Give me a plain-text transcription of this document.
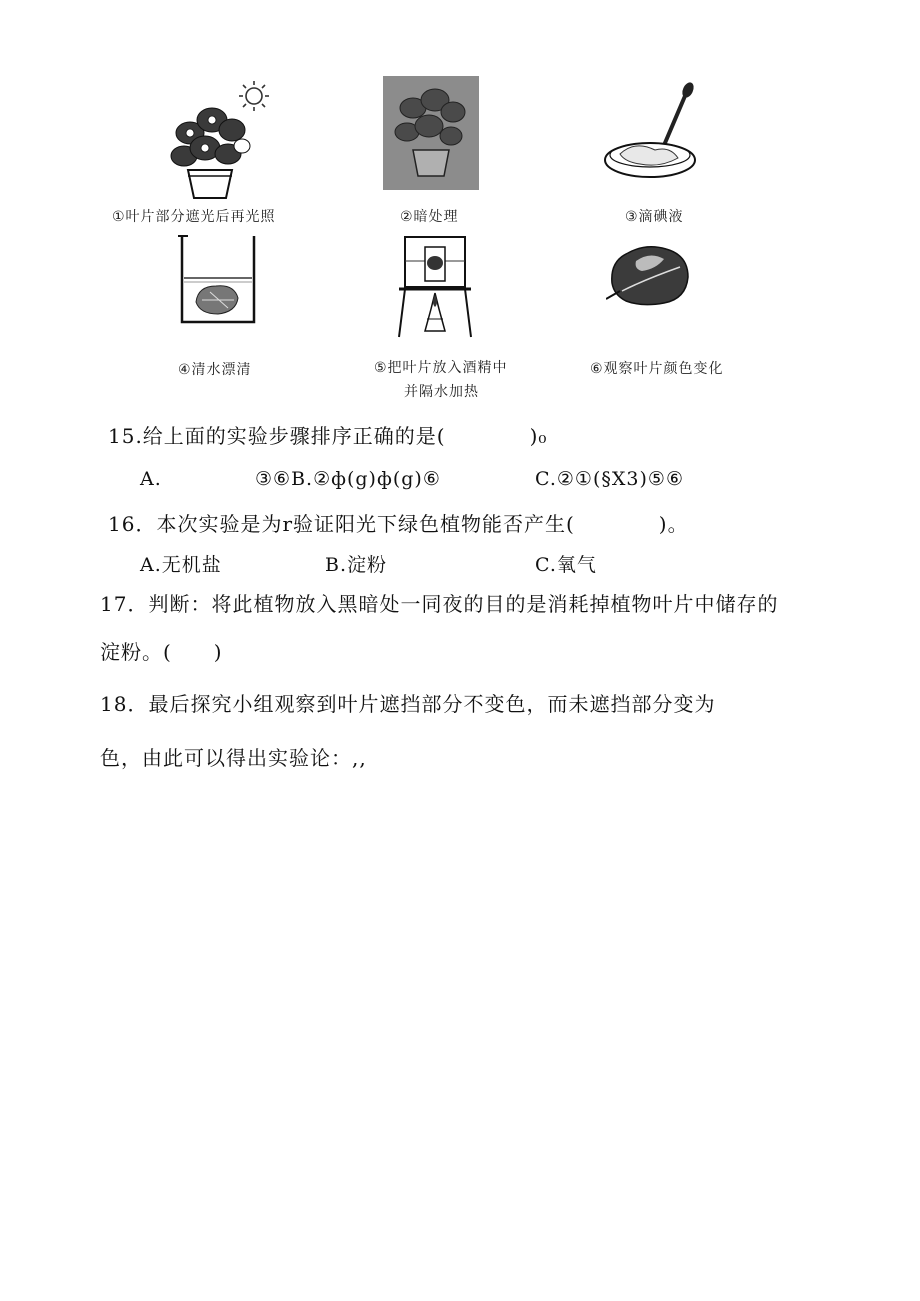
①叶片部分遮光后再光照	②暗处理	③滴碘液
④清水漂清	⑤把叶片放入酒精中
并隔水加热
⑥观察叶片颜色变化
15.给上面的实验步骤排序正确的是(　　　　)₀
A.	③⑥B.②ф(g)ф(g)⑥	C.②①(§X3)⑤⑥
16．本次实验是为r验证阳光下绿色植物能否产生(　　　　)。
A.无机盐	B.淀粉	C.氧气
17．判断：将此植物放入黑暗处一同夜的目的是消耗掉植物叶片中储存的
淀粉。(　　)
18．最后探究小组观察到叶片遮挡部分不变色，而未遮挡部分变为
色，由此可以得出实验论：,,
